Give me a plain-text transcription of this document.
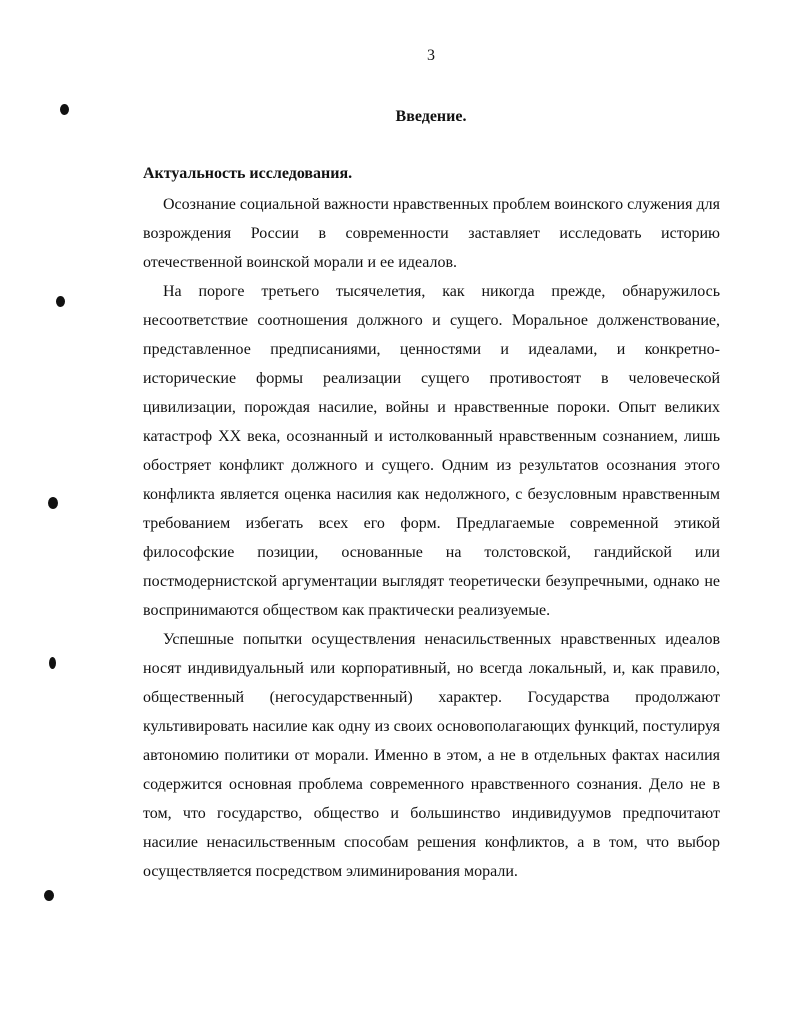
3
Введение.
Актуальность исследования.

Осознание социальной важности нравственных проблем воинского служения для возрождения России в современности заставляет исследовать историю отечественной воинской морали и ее идеалов.

На пороге третьего тысячелетия, как никогда прежде, обнаружилось несоответствие соотношения должного и сущего. Моральное долженствование, представленное предписаниями, ценностями и идеалами, и конкретно-исторические формы реализации сущего противостоят в человеческой цивилизации, порождая насилие, войны и нравственные пороки. Опыт великих катастроф XX века, осознанный и истолкованный нравственным сознанием, лишь обостряет конфликт должного и сущего. Одним из результатов осознания этого конфликта является оценка насилия как недолжного, с безусловным нравственным требованием избегать всех его форм. Предлагаемые современной этикой философские позиции, основанные на толстовской, гандийской или постмодернистской аргументации выглядят теоретически безупречными, однако не воспринимаются обществом как практически реализуемые.

Успешные попытки осуществления ненасильственных нравственных идеалов носят индивидуальный или корпоративный, но всегда локальный, и, как правило, общественный (негосударственный) характер. Государства продолжают культивировать насилие как одну из своих основополагающих функций, постулируя автономию политики от морали. Именно в этом, а не в отдельных фактах насилия содержится основная проблема современного нравственного сознания. Дело не в том, что государство, общество и большинство индивидуумов предпочитают насилие ненасильственным способам решения конфликтов, а в том, что выбор осуществляется посредством элиминирования морали.
